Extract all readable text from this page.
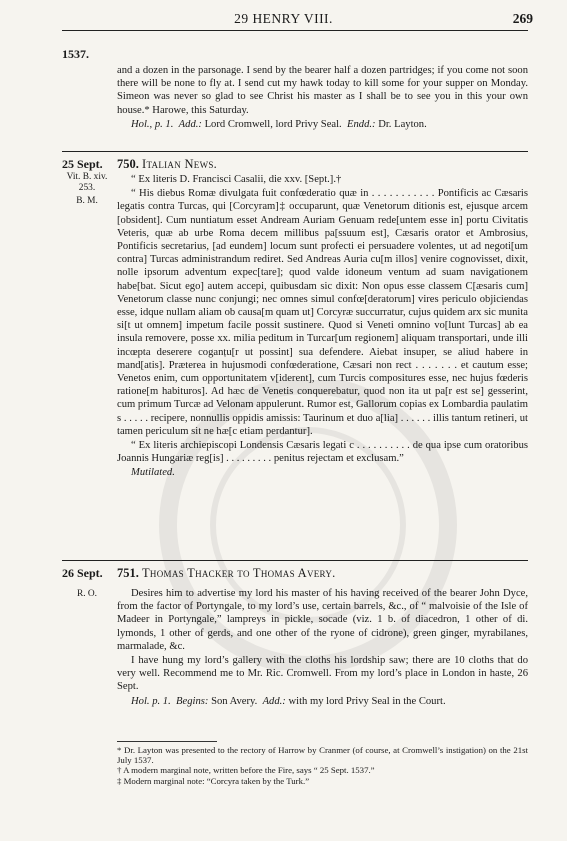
29 HENRY VIII.	269
1537.

and a dozen in the parsonage. I send by the bearer half a dozen partridges; if you come not soon there will be none to fly at. I send cut my hawk today to kill some for your supper on Monday. Simeon was never so glad to see Christ his master as I shall be to see you in this your own house.* Harowe, this Saturday.

Hol., p. 1. Add.: Lord Cromwell, lord Privy Seal. Endd.: Dr. Layton.

25 Sept. 750. Italian News.
Vit. B. xiv. 253.
B. M.

“ Ex literis D. Francisci Casalii, die xxv. [Sept.].†

“ His diebus Romæ divulgata fuit confœderatio quæ in . . . . . . . . . . . Pontificis ac Cæsaris legatis contra Turcas, qui [Corcyram]‡ occuparunt, quæ Venetorum ditionis est, ejusque arcem [obsident]. Cum nuntiatum esset Andream Auriam Genuam rede[untem esse in] portu Civitatis Veteris, quæ ab urbe Roma decem millibus pa[ssuum est], Cæsaris orator et Ambrosius, Pontificis secretarius, [ad eundem] locum sunt profecti ei persuadere volentes, ut ad negoti[um contra] Turcas administrandum rediret. Sed Andreas Auria cu[m illos] venire cognovisset, dixit, nolle ipsorum adventum expec[tare]; quod valde idoneum ventum ad suam navigationem habe[bat. Sicut ego] autem accepi, quibusdam sic dixit: Non opus esse classem C[æsaris cum] Venetorum classe nunc conjungi; nec omnes simul confœ[deratorum] vires periculo objiciendas esse, idque nullam aliam ob causa[m quam ut] Corcyræ succurratur, cujus quidem arx sic munita si[t ut omnem] impetum facile possit sustinere. Quod si Veneti omnino vo[lunt Turcas] ab ea insula removere, posse xx. milia peditum in Turcar[um regionem] aliquam transportari, unde illi incœpta deserere coganțu[r ut possint] sua defendere. Aiebat insuper, se aliud habere in mand[atis]. Præterea in hujusmodi confœderatione, Cæsari non rect . . . . . . . et cautum esse; Venetos enim, cum opportunitatem v[iderent], cum Turcis compositures esse, nec hujus fœderis ratione[m habituros]. Ad hæc de Venetis conquerebatur, quod non ita ut pa[r est se] gesserint, cum primum Turcæ ad Velonam appulerunt. Rumor est, Gallorum copias ex Lombardia paulatim s . . . . . recipere, nonnullis oppidis amissis: Taurinum et duo a[lia] . . . . . . illis tantum retineri, ut tamen periculum sit ne hæ[c etiam perdantur].

“ Ex literis archiepiscopi Londensis Cæsaris legati c . . . . . . . . . . de qua ipse cum oratoribus Joannis Hungariæ reg[is] . . . . . . . . . penitus rejectam et exclusam.”

Mutilated.

26 Sept. 751. Thomas Thacker to Thomas Avery.
R. O.	Desires him to advertise my lord his master of his having received of the bearer John Dyce, from the factor of Portyngale, to my lord’s use, certain barrels, &c., of “ malvoisie of the Isle of Madeer in Portyngale,” lampreys in pickle, socade (viz. 1 b. of diacedron, 1 other of di. lymonds, 1 other of gerds, and one other of the ryone of cidrone), green ginger, myrabilanes, marmalade, &c.

I have hung my lord’s gallery with the cloths his lordship saw; there are 10 cloths that do very well. Recommend me to Mr. Ric. Cromwell. From my lord’s place in London in haste, 26 Sept.

Hol. p. 1. Begins: Son Avery. Add.: with my lord Privy Seal in the Court.

* Dr. Layton was presented to the rectory of Harrow by Cranmer (of course, at Cromwell’s instigation) on the 21st July 1537.
† A modern marginal note, written before the Fire, says “ 25 Sept. 1537.”
‡ Modern marginal note: “Corcyra taken by the Turk.”
